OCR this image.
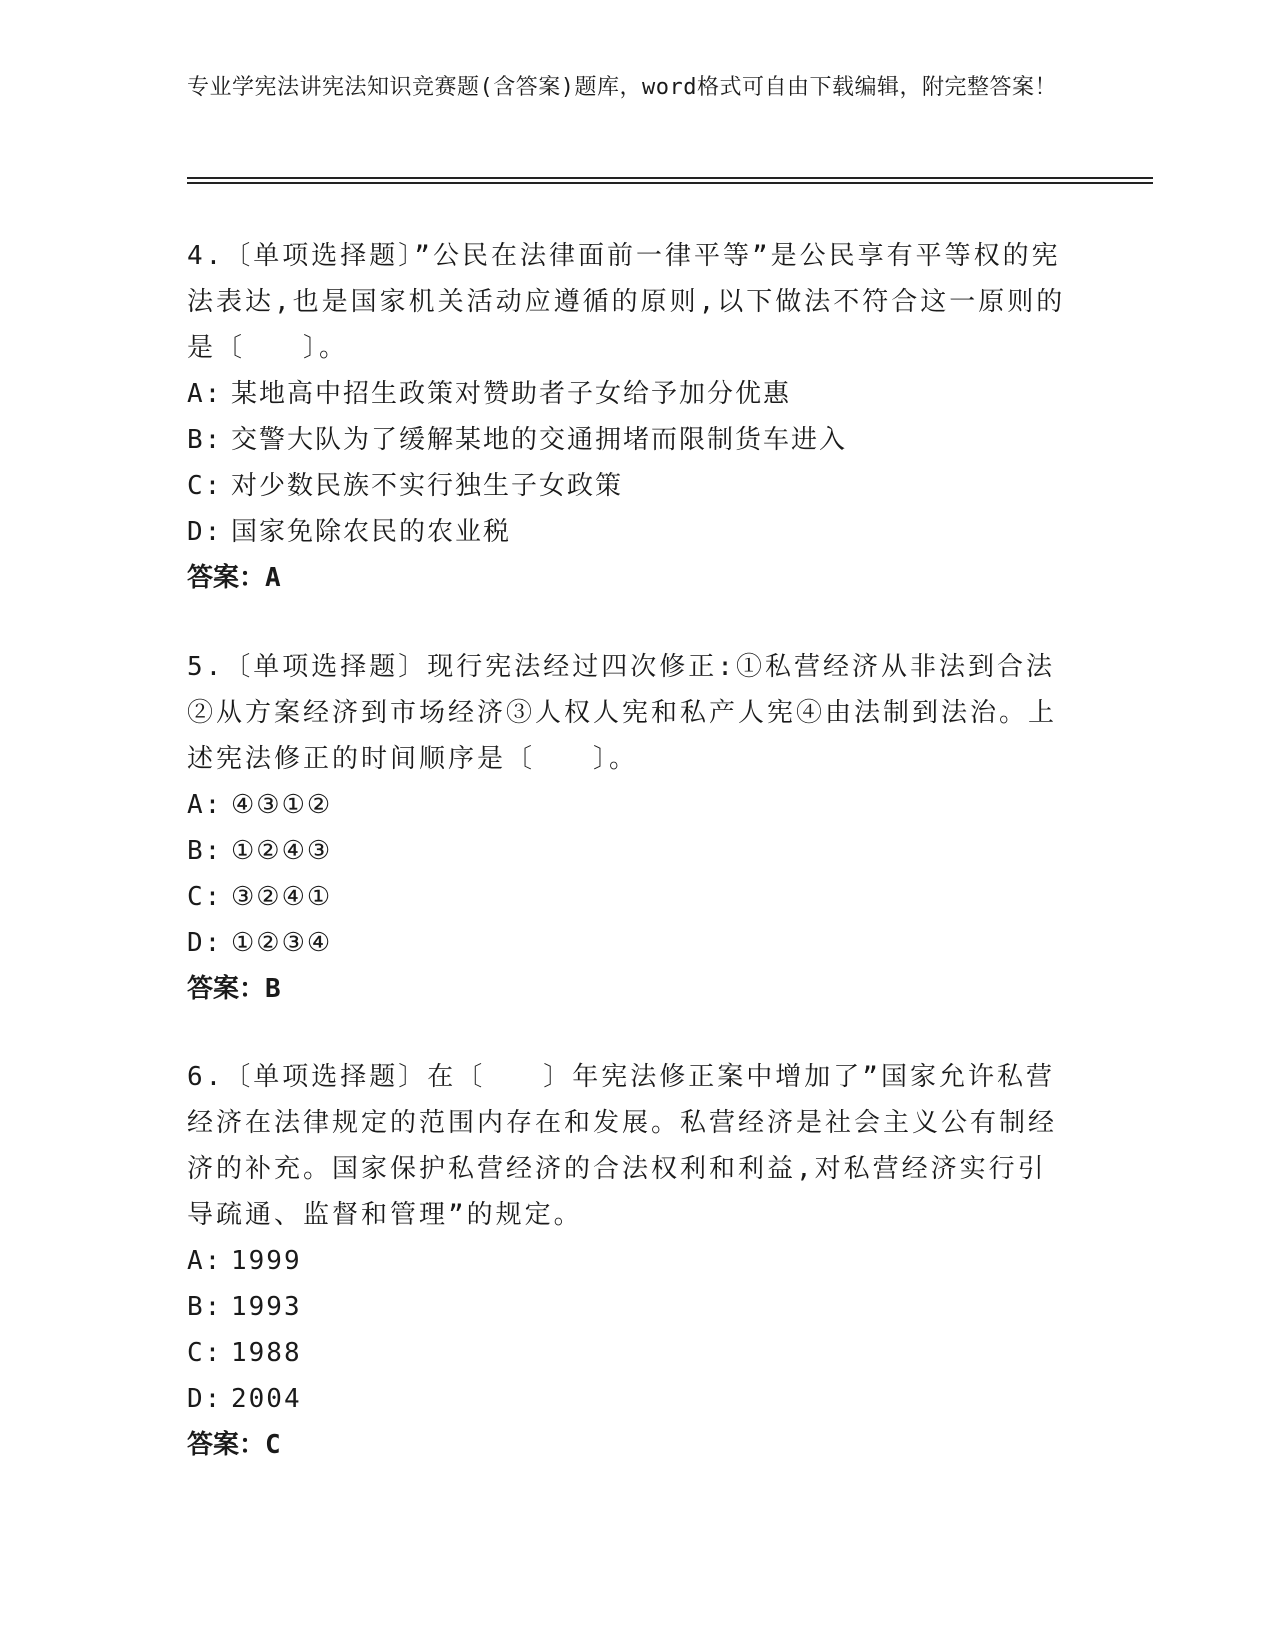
专业学宪法讲宪法知识竞赛题(含答案)题库，word格式可自由下载编辑，附完整答案！

4.〔单项选择题〕”公民在法律面前一律平等”是公民享有平等权的宪法表达,也是国家机关活动应遵循的原则,以下做法不符合这一原则的是〔　　〕。

A: 某地高中招生政策对赞助者子女给予加分优惠

B: 交警大队为了缓解某地的交通拥堵而限制货车进入

C: 对少数民族不实行独生子女政策

D: 国家免除农民的农业税

答案：A

5.〔单项选择题〕现行宪法经过四次修正:①私营经济从非法到合法②从方案经济到市场经济③人权人宪和私产人宪④由法制到法治。上述宪法修正的时间顺序是〔　　〕。

A: ④③①②

B: ①②④③

C: ③②④①

D: ①②③④

答案：B

6.〔单项选择题〕在〔　　〕年宪法修正案中增加了”国家允许私营经济在法律规定的范围内存在和发展。私营经济是社会主义公有制经济的补充。国家保护私营经济的合法权利和利益,对私营经济实行引导疏通、监督和管理”的规定。

A: 1999

B: 1993

C: 1988

D: 2004

答案：C
